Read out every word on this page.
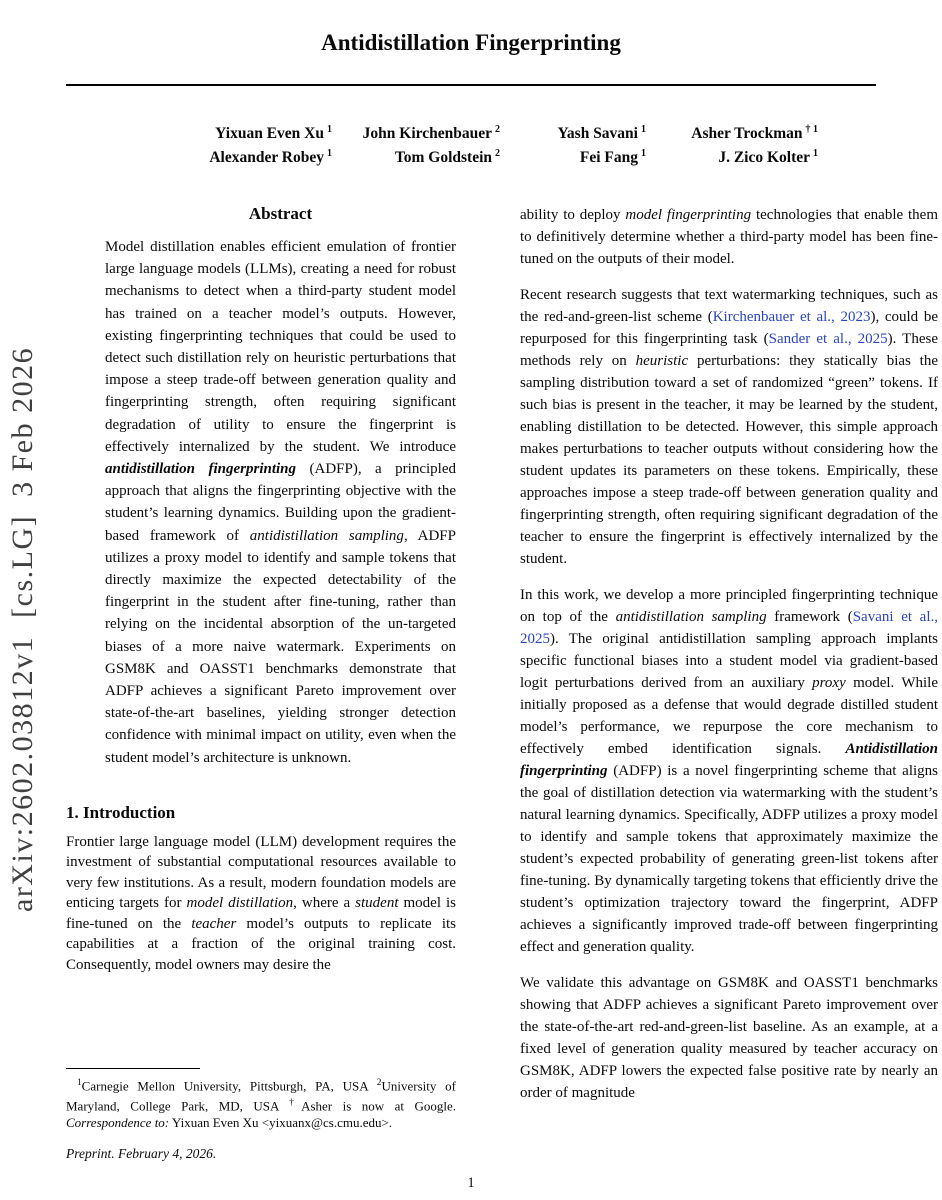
arXiv:2602.03812v1  [cs.LG]  3 Feb 2026
Antidistillation Fingerprinting
Yixuan Even Xu $^1$	John Kirchenbauer $^2$	Yash Savani $^1$	Asher Trockman $^{\dagger 1}$
Alexander Robey $^1$	Tom Goldstein $^2$	Fei Fang $^1$	J. Zico Kolter $^1$
Abstract

Model distillation enables efficient emulation of frontier large language models (LLMs), creating a need for robust mechanisms to detect when a third-party student model has trained on a teacher model’s outputs. However, existing fingerprinting techniques that could be used to detect such distillation rely on heuristic perturbations that impose a steep trade-off between generation quality and fingerprinting strength, often requiring significant degradation of utility to ensure the fingerprint is effectively internalized by the student. We introduce antidistillation fingerprinting (ADFP), a principled approach that aligns the fingerprinting objective with the student’s learning dynamics. Building upon the gradient-based framework of antidistillation sampling, ADFP utilizes a proxy model to identify and sample tokens that directly maximize the expected detectability of the fingerprint in the student after fine-tuning, rather than relying on the incidental absorption of the un-targeted biases of a more naive watermark. Experiments on GSM8K and OASST1 benchmarks demonstrate that ADFP achieves a significant Pareto improvement over state-of-the-art baselines, yielding stronger detection confidence with minimal impact on utility, even when the student model’s architecture is unknown.

1. Introduction

Frontier large language model (LLM) development requires the investment of substantial computational resources available to very few institutions. As a result, modern foundation models are enticing targets for model distillation, where a student model is fine-tuned on the teacher model’s outputs to replicate its capabilities at a fraction of the original training cost. Consequently, model owners may desire the

$^1$Carnegie Mellon University, Pittsburgh, PA, USA $^2$University of Maryland, College Park, MD, USA †Asher is now at Google. Correspondence to: Yixuan Even Xu <yixuanx@cs.cmu.edu>.

Preprint. February 4, 2026.

ability to deploy model fingerprinting technologies that enable them to definitively determine whether a third-party model has been fine-tuned on the outputs of their model.

Recent research suggests that text watermarking techniques, such as the red-and-green-list scheme (Kirchenbauer et al., 2023), could be repurposed for this fingerprinting task (Sander et al., 2025). These methods rely on heuristic perturbations: they statically bias the sampling distribution toward a set of randomized “green” tokens. If such bias is present in the teacher, it may be learned by the student, enabling distillation to be detected. However, this simple approach makes perturbations to teacher outputs without considering how the student updates its parameters on these tokens. Empirically, these approaches impose a steep trade-off between generation quality and fingerprinting strength, often requiring significant degradation of the teacher to ensure the fingerprint is effectively internalized by the student.

In this work, we develop a more principled fingerprinting technique on top of the antidistillation sampling framework (Savani et al., 2025). The original antidistillation sampling approach implants specific functional biases into a student model via gradient-based logit perturbations derived from an auxiliary proxy model. While initially proposed as a defense that would degrade distilled student model’s performance, we repurpose the core mechanism to effectively embed identification signals. Antidistillation fingerprinting (ADFP) is a novel fingerprinting scheme that aligns the goal of distillation detection via watermarking with the student’s natural learning dynamics. Specifically, ADFP utilizes a proxy model to identify and sample tokens that approximately maximize the student’s expected probability of generating green-list tokens after fine-tuning. By dynamically targeting tokens that efficiently drive the student’s optimization trajectory toward the fingerprint, ADFP achieves a significantly improved trade-off between fingerprinting effect and generation quality.

We validate this advantage on GSM8K and OASST1 benchmarks showing that ADFP achieves a significant Pareto improvement over the state-of-the-art red-and-green-list baseline. As an example, at a fixed level of generation quality measured by teacher accuracy on GSM8K, ADFP lowers the expected false positive rate by nearly an order of magnitude

1
